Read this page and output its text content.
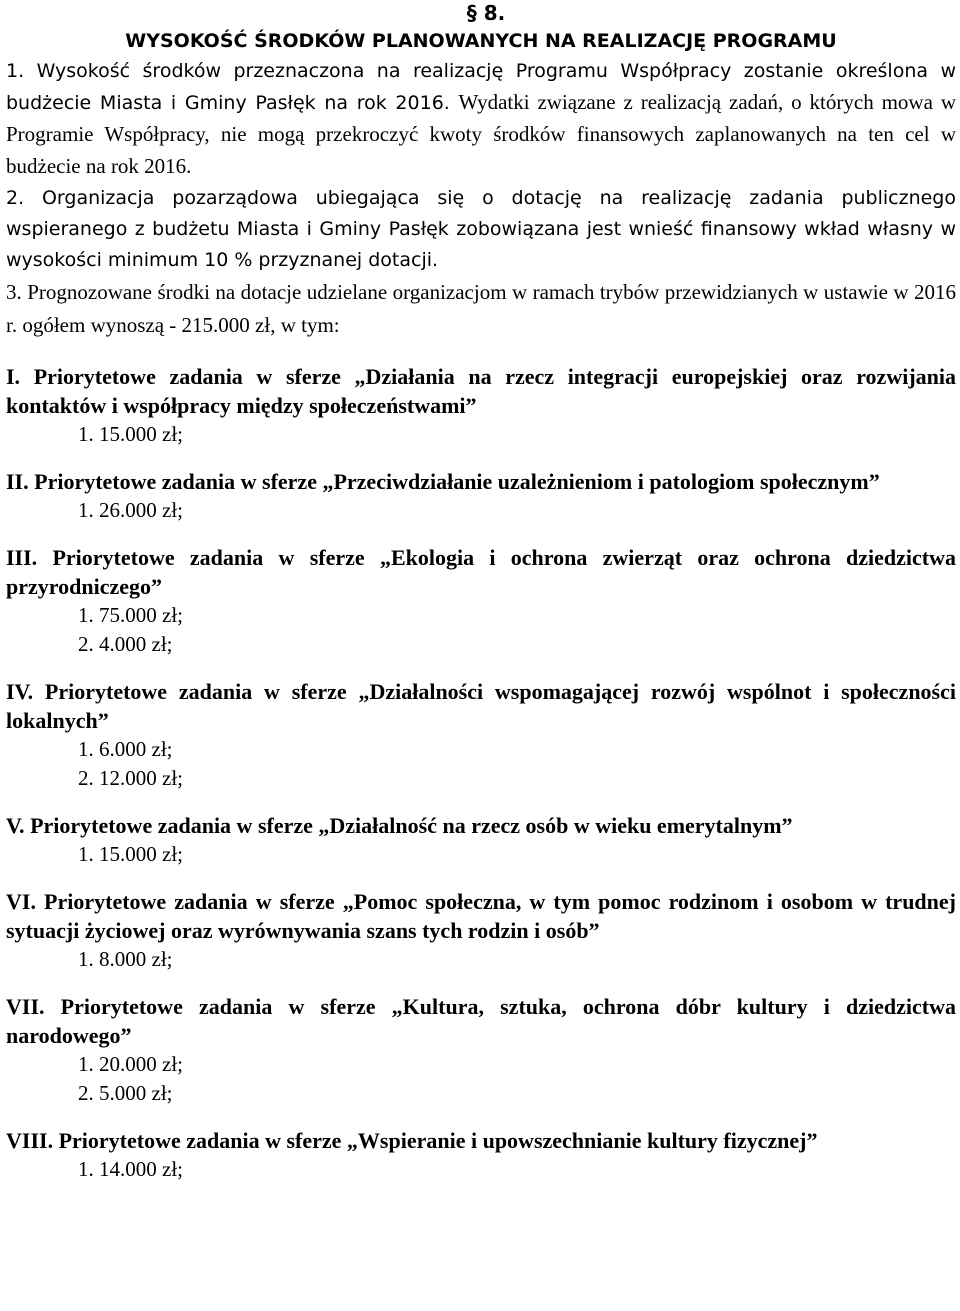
§ 8.
WYSOKOŚĆ ŚRODKÓW PLANOWANYCH NA REALIZACJĘ PROGRAMU

1. Wysokość środków przeznaczona na realizację Programu Współpracy zostanie określona w budżecie Miasta i Gminy Pasłęk na rok 2016. Wydatki związane z realizacją zadań, o których mowa w Programie Współpracy, nie mogą przekroczyć kwoty środków finansowych zaplanowanych na ten cel w budżecie na rok 2016.

2. Organizacja pozarządowa ubiegająca się o dotację na realizację zadania publicznego wspieranego z budżetu Miasta i Gminy Pasłęk zobowiązana jest wnieść finansowy wkład własny w wysokości minimum 10 % przyznanej dotacji.

3. Prognozowane środki na dotacje udzielane organizacjom w ramach trybów przewidzianych w ustawie w 2016 r. ogółem wynoszą - 215.000 zł, w tym:

I. Priorytetowe zadania w sferze „Działania na rzecz integracji europejskiej oraz rozwijania kontaktów i współpracy między społeczeństwami”
1. 15.000 zł;
II. Priorytetowe zadania w sferze „Przeciwdziałanie uzależnieniom i patologiom społecznym”
1. 26.000 zł;
III. Priorytetowe zadania w sferze „Ekologia i ochrona zwierząt oraz ochrona dziedzictwa przyrodniczego”
1. 75.000 zł;
2. 4.000 zł;
IV. Priorytetowe zadania w sferze „Działalności wspomagającej rozwój wspólnot i społeczności lokalnych”
1. 6.000 zł;
2. 12.000 zł;
V. Priorytetowe zadania w sferze „Działalność na rzecz osób w wieku emerytalnym”
1. 15.000 zł;
VI. Priorytetowe zadania w sferze „Pomoc społeczna, w tym pomoc rodzinom i osobom w trudnej sytuacji życiowej oraz wyrównywania szans tych rodzin i osób”
1. 8.000 zł;
VII. Priorytetowe zadania w sferze „Kultura, sztuka, ochrona dóbr kultury i dziedzictwa narodowego”
1. 20.000 zł;
2. 5.000 zł;
VIII. Priorytetowe zadania w sferze „Wspieranie i upowszechnianie kultury fizycznej”
1. 14.000 zł;
